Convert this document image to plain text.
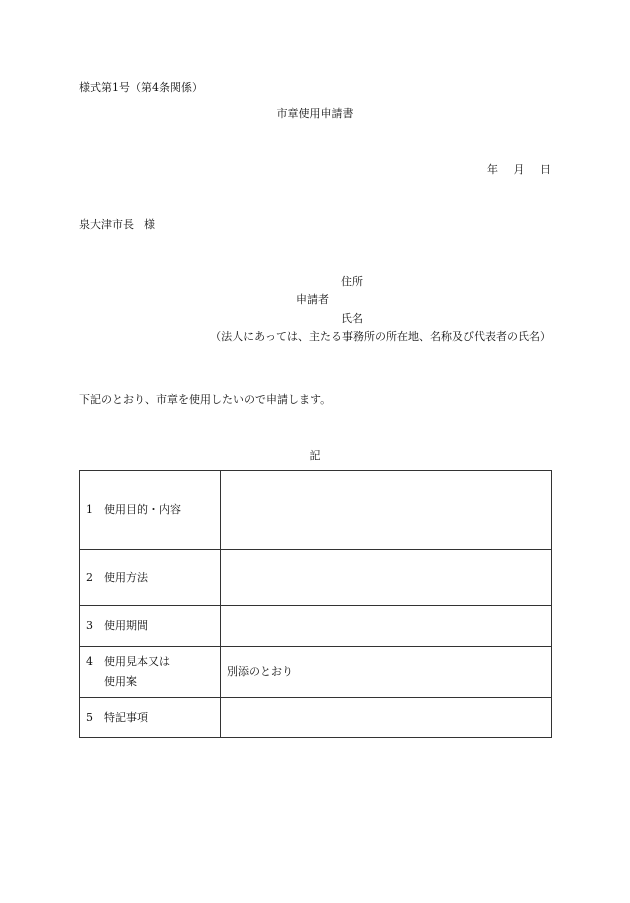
様式第1号（第4条関係）
市章使用申請書
年 月 日
泉大津市長 様
住所
申請者
氏名
（法人にあっては、主たる事務所の所在地、名称及び代表者の氏名）
下記のとおり、市章を使用したいので申請します。
記
1 使用目的・内容	
2 使用方法	
3 使用期間	

4 使用見本又は
使用案	別添のとおり
5 特記事項	
